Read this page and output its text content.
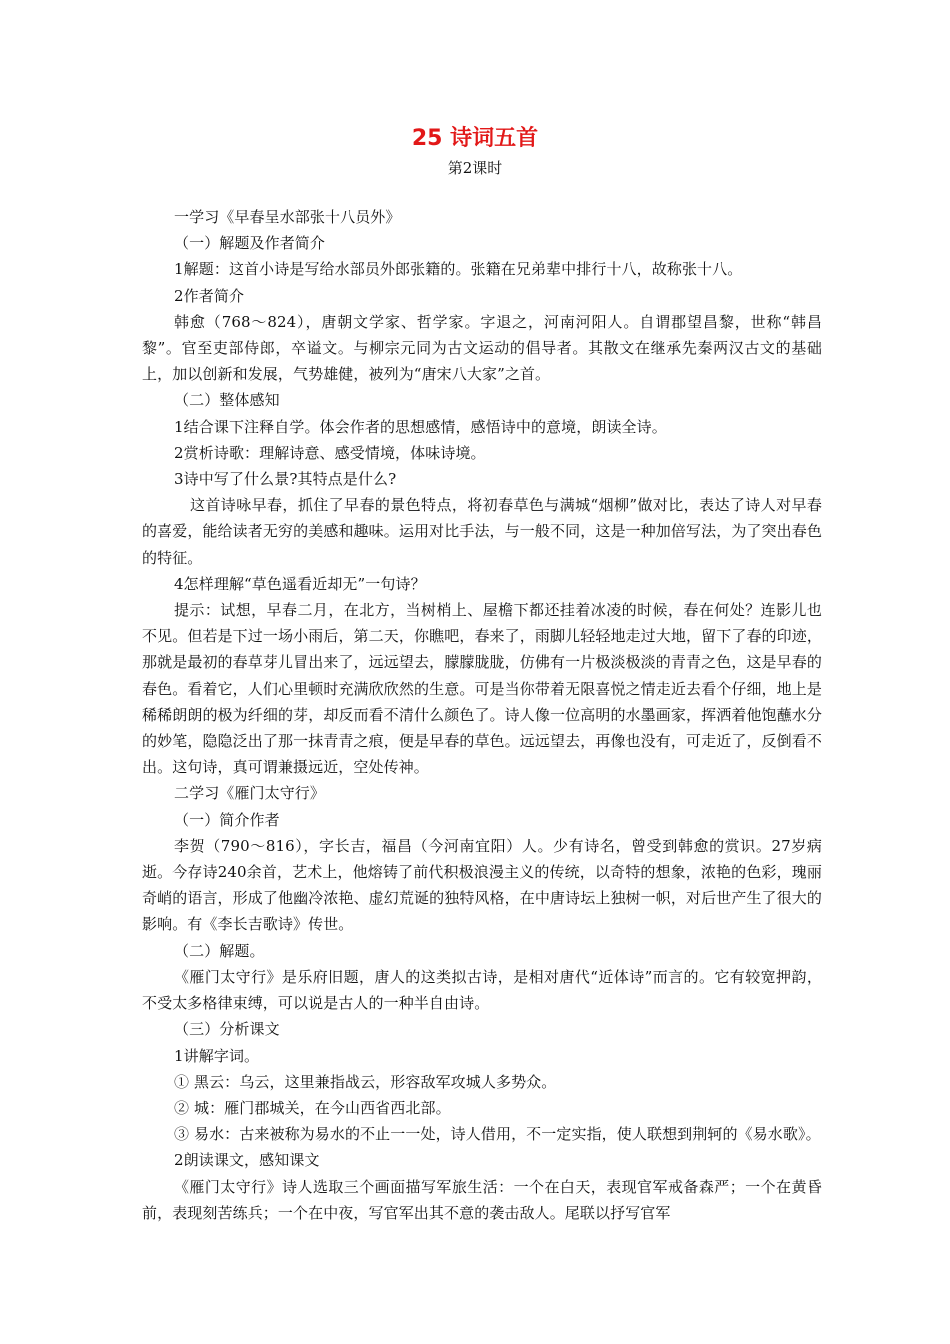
25 诗词五首
第2课时

一学习《早春呈水部张十八员外》

（一）解题及作者简介

1解题：这首小诗是写给水部员外郎张籍的。张籍在兄弟辈中排行十八，故称张十八。

2作者简介

韩愈（768～824），唐朝文学家、哲学家。字退之，河南河阳人。自谓郡望昌黎，世称“韩昌黎”。官至吏部侍郎，卒谥文。与柳宗元同为古文运动的倡导者。其散文在继承先秦两汉古文的基础上，加以创新和发展，气势雄健，被列为“唐宋八大家”之首。

（二）整体感知

1结合课下注释自学。体会作者的思想感情，感悟诗中的意境，朗读全诗。

2赏析诗歌：理解诗意、感受情境，体味诗境。

3诗中写了什么景?其特点是什么?

这首诗咏早春，抓住了早春的景色特点，将初春草色与满城“烟柳”做对比，表达了诗人对早春的喜爱，能给读者无穷的美感和趣味。运用对比手法，与一般不同，这是一种加倍写法，为了突出春色的特征。

4怎样理解“草色遥看近却无”一句诗？

提示：试想，早春二月，在北方，当树梢上、屋檐下都还挂着冰凌的时候，春在何处？连影儿也不见。但若是下过一场小雨后，第二天，你瞧吧，春来了，雨脚儿轻轻地走过大地，留下了春的印迹，那就是最初的春草芽儿冒出来了，远远望去，朦朦胧胧，仿佛有一片极淡极淡的青青之色，这是早春的春色。看着它，人们心里顿时充满欣欣然的生意。可是当你带着无限喜悦之情走近去看个仔细，地上是稀稀朗朗的极为纤细的芽，却反而看不清什么颜色了。诗人像一位高明的水墨画家，挥洒着他饱蘸水分的妙笔，隐隐泛出了那一抹青青之痕，便是早春的草色。远远望去，再像也没有，可走近了，反倒看不出。这句诗，真可谓兼摄远近，空处传神。

二学习《雁门太守行》

（一）简介作者

李贺（790～816），字长吉，福昌（今河南宜阳）人。少有诗名，曾受到韩愈的赏识。27岁病逝。今存诗240余首，艺术上，他熔铸了前代积极浪漫主义的传统，以奇特的想象，浓艳的色彩，瑰丽奇峭的语言，形成了他幽冷浓艳、虚幻荒诞的独特风格，在中唐诗坛上独树一帜，对后世产生了很大的影响。有《李长吉歌诗》传世。

（二）解题。

《雁门太守行》是乐府旧题，唐人的这类拟古诗，是相对唐代“近体诗”而言的。它有较宽押韵，不受太多格律束缚，可以说是古人的一种半自由诗。

（三）分析课文

1讲解字词。

① 黑云：乌云，这里兼指战云，形容敌军攻城人多势众。

② 城：雁门郡城关，在今山西省西北部。

③ 易水：古来被称为易水的不止一一处，诗人借用，不一定实指，使人联想到荆轲的《易水歌》。

2朗读课文，感知课文

《雁门太守行》诗人选取三个画面描写军旅生活：一个在白天，表现官军戒备森严；一个在黄昏前，表现刻苦练兵；一个在中夜，写官军出其不意的袭击敌人。尾联以抒写官军
